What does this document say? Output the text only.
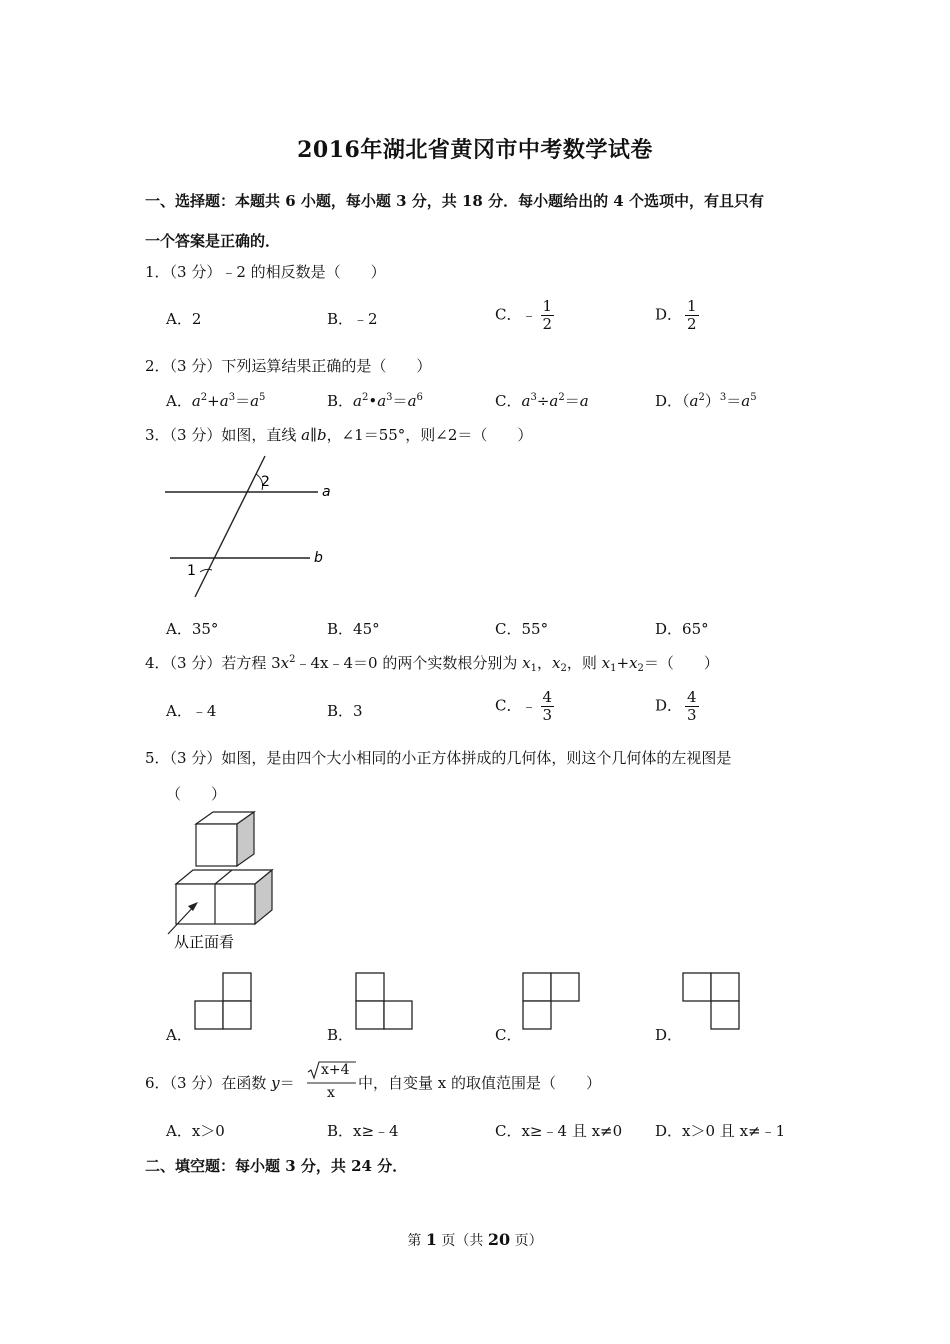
2016年湖北省黄冈市中考数学试卷
一、选择题：本题共 6 小题，每小题 3 分，共 18 分．每小题给出的 4 个选项中，有且只有
一个答案是正确的．
1．（3 分）﹣2 的相反数是（　　）
A．2	B．﹣2	C．﹣ $\frac{1}{2}$	D． $\frac{1}{2}$
2．（3 分）下列运算结果正确的是（　　）
A．$a^2+a^3=a^5$	B．$a^2•a^3=a^6$	C．$a^3\div a^2=a$	D．$(a^2)^3=a^5$
3．（3 分）如图，直线 a∥b，∠1＝55°，则∠2＝（　　）
2
1
a
b
A．35°	B．45°	C．55°	D．65°
4．（3 分）若方程 $3x^2﹣4x﹣4=0$ 的两个实数根分别为 $x_1$，$x_2$，则 $x_1+x_2=$（　　）
A．﹣4	B．3	C．﹣ $\frac{4}{3}$	D． $\frac{4}{3}$
5．（3 分）如图，是由四个大小相同的小正方体拼成的几何体，则这个几何体的左视图是
（　　）
从正面看
A．	B．	C．	D．
6．（3 分）在函数 y＝
x+4
x
中，自变量 x 的取值范围是（　　）
A．x＞0	B．x≥﹣4	C．x≥﹣4 且 x≠0 D．x＞0 且 x≠﹣1
二、填空题：每小题 3 分，共 24 分．
第 1 页（共 20 页）
